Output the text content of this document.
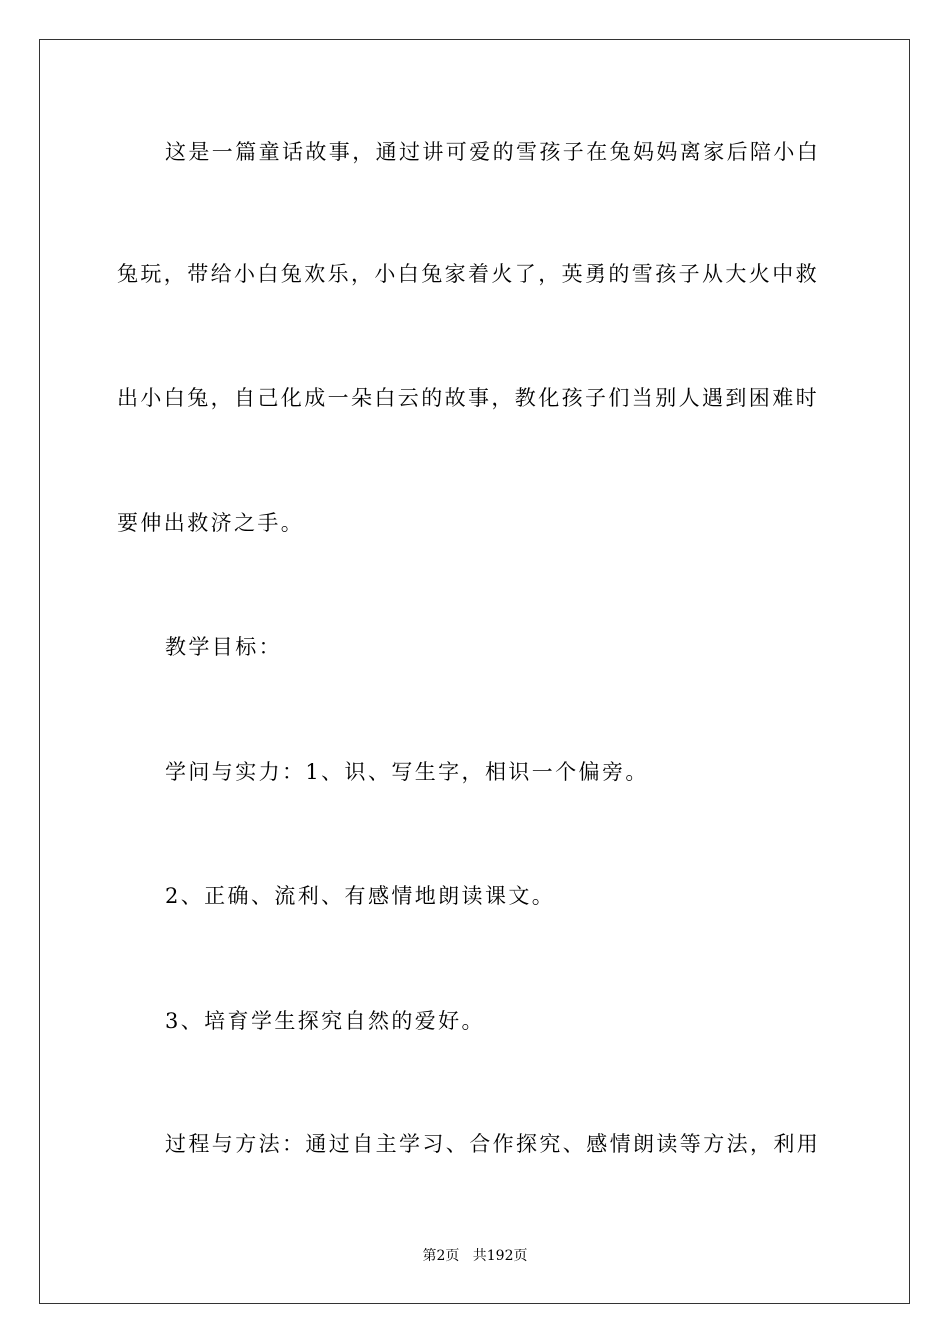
这是一篇童话故事，通过讲可爱的雪孩子在兔妈妈离家后陪小白
兔玩，带给小白兔欢乐，小白兔家着火了，英勇的雪孩子从大火中救
出小白兔，自己化成一朵白云的故事，教化孩子们当别人遇到困难时
要伸出救济之手。
教学目标：
学问与实力：1、识、写生字，相识一个偏旁。
2、正确、流利、有感情地朗读课文。
3、培育学生探究自然的爱好。
过程与方法：通过自主学习、合作探究、感情朗读等方法，利用
第2页   共192页
